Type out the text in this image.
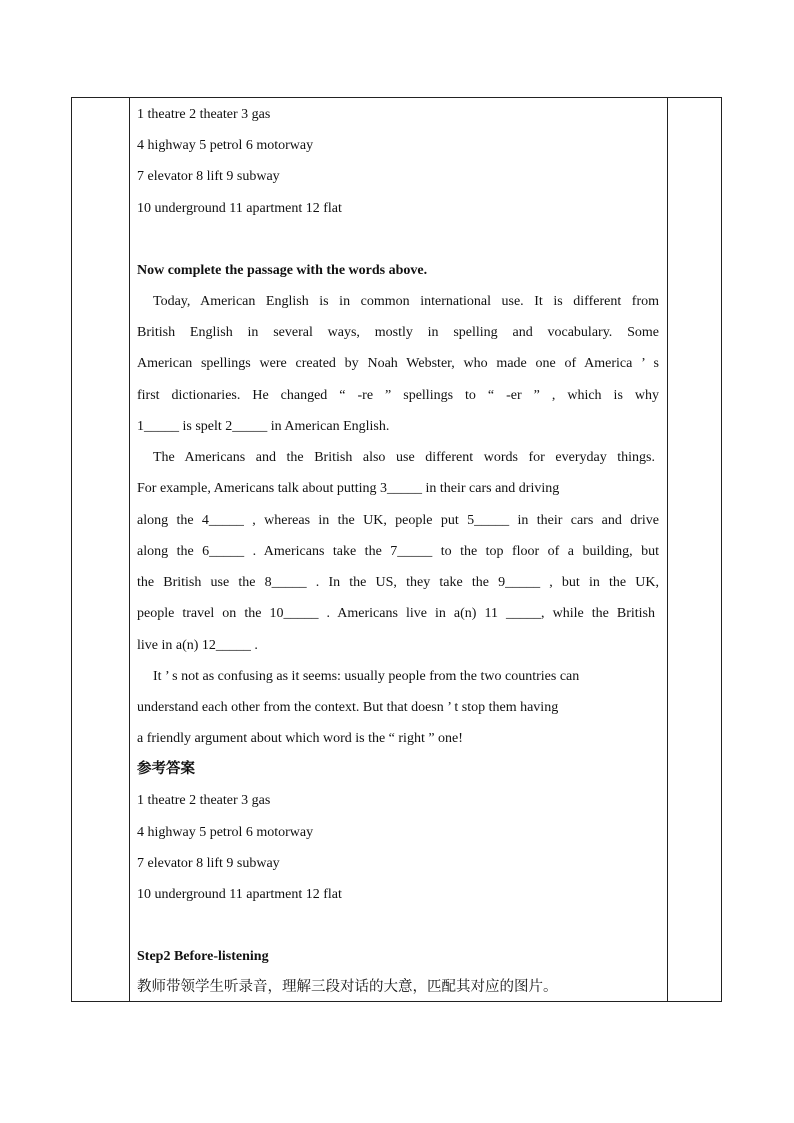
1 theatre 2 theater 3 gas
4 highway 5 petrol 6 motorway
7 elevator 8 lift 9 subway
10 underground 11 apartment 12 flat
Now complete the passage with the words above.
Today, American English is in common international use. It is different from
British English in several ways, mostly in spelling and vocabulary. Some
American spellings were created by Noah Webster, who made one of America ’ s
first dictionaries. He changed “ -re ” spellings to “ -er ” , which is why
1_____ is spelt 2_____ in American English.
The Americans and the British also use different words for everyday things.
For example, Americans talk about putting 3_____ in their cars and driving
along the 4_____ , whereas in the UK, people put 5_____ in their cars and drive
along the 6_____ . Americans take the 7_____ to the top floor of a building, but
the British use the 8_____ . In the US, they take the 9_____ , but in the UK,
people travel on the 10_____ . Americans live in a(n) 11 _____, while the British
live in a(n) 12_____ .
It ’ s not as confusing as it seems: usually people from the two countries can
understand each other from the context. But that doesn ’ t stop them having
a friendly argument about which word is the “ right ” one!
参考答案
1 theatre 2 theater 3 gas
4 highway 5 petrol 6 motorway
7 elevator 8 lift 9 subway
10 underground 11 apartment 12 flat
Step2 Before-listening
教师带领学生听录音，理解三段对话的大意，匹配其对应的图片。
